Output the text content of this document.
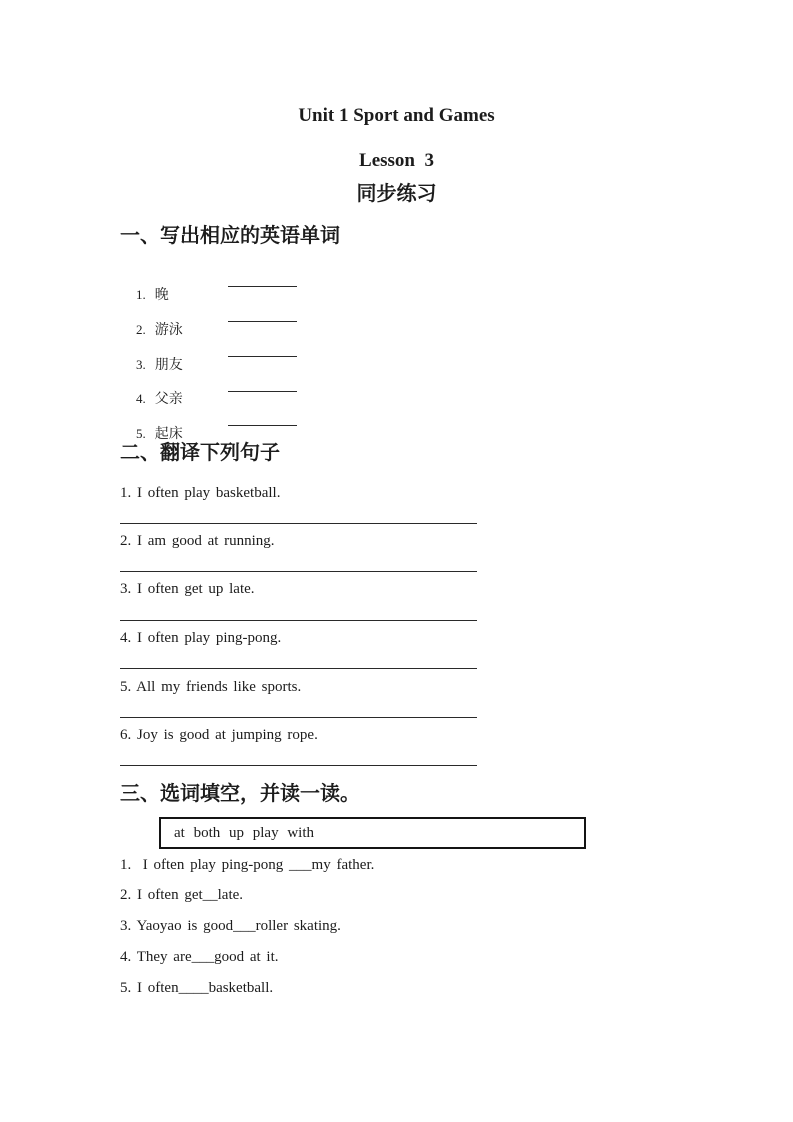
Unit 1 Sport and Games
Lesson  3
同步练习
一、写出相应的英语单词

1. 晚

2. 游泳

3. 朋友

4. 父亲

5. 起床

二、翻译下列句子
1. I often play basketball.
2. I am good at running.
3. I often get up late.
4. I often play ping-pong.
5. All my friends like sports.
6. Joy is good at jumping rope.
三、选词填空，并读一读。
at both up play with
1.  I often play ping-pong ___my father.
2. I often get__late.
3. Yaoyao is good___roller skating.
4. They are___good at it.
5. I often____basketball.
